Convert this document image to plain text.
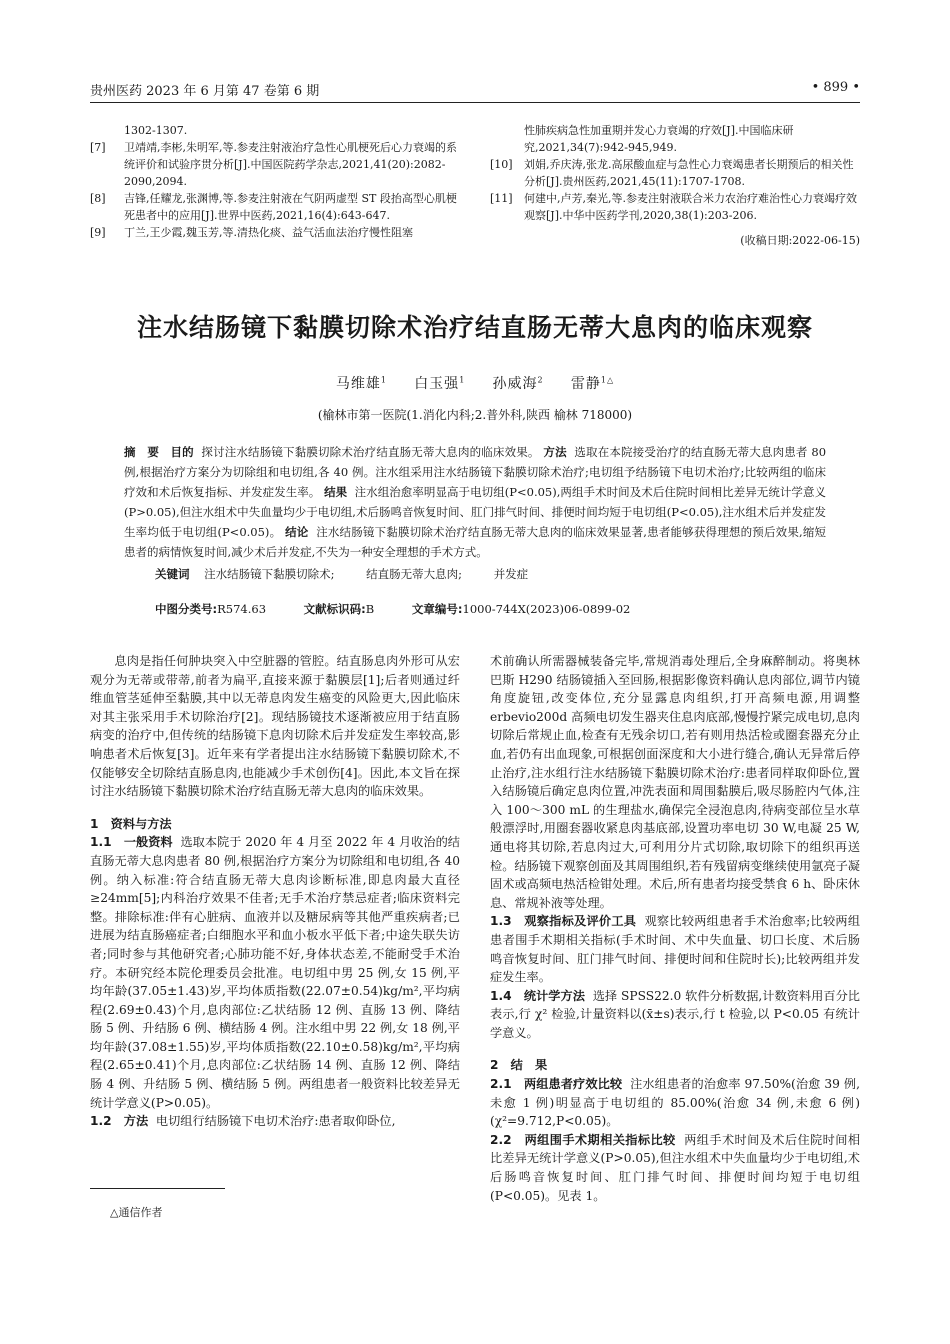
贵州医药 2023 年 6 月第 47 卷第 6 期	• 899 •
1302-1307.
[7]	卫靖靖,李彬,朱明军,等.参麦注射液治疗急性心肌梗死后心力衰竭的系统评价和试验序贯分析[J].中国医院药学杂志,2021,41(20):2082-2090,2094.
[8]	吉锋,任耀龙,张渊博,等.参麦注射液在气阴两虚型 ST 段抬高型心肌梗死患者中的应用[J].世界中医药,2021,16(4):643-647.
[9]	丁兰,王少霞,魏玉芳,等.清热化痰、益气活血法治疗慢性阻塞
性肺疾病急性加重期并发心力衰竭的疗效[J].中国临床研究,2021,34(7):942-945,949.
[10]	刘娟,乔庆涛,张龙.高尿酸血症与急性心力衰竭患者长期预后的相关性分析[J].贵州医药,2021,45(11):1707-1708.
[11]	何建中,卢芳,秦光,等.参麦注射液联合米力农治疗难治性心力衰竭疗效观察[J].中华中医药学刊,2020,38(1):203-206.
(收稿日期:2022-06-15)
注水结肠镜下黏膜切除术治疗结直肠无蒂大息肉的临床观察
马维雄$^1$ 白玉强$^1$ 孙威海$^2$ 雷静$^{1\triangle}$
(榆林市第一医院(1.消化内科;2.普外科,陕西 榆林 718000)
摘　要 目的 探讨注水结肠镜下黏膜切除术治疗结直肠无蒂大息肉的临床效果。 方法 选取在本院接受治疗的结直肠无蒂大息肉患者 80 例,根据治疗方案分为切除组和电切组,各 40 例。注水组采用注水结肠镜下黏膜切除术治疗;电切组予结肠镜下电切术治疗;比较两组的临床疗效和术后恢复指标、并发症发生率。 结果 注水组治愈率明显高于电切组(P<0.05),两组手术时间及术后住院时间相比差异无统计学意义(P>0.05),但注水组术中失血量均少于电切组,术后肠鸣音恢复时间、肛门排气时间、排便时间均短于电切组(P<0.05),注水组术后并发症发生率均低于电切组(P<0.05)。 结论 注水结肠镜下黏膜切除术治疗结直肠无蒂大息肉的临床效果显著,患者能够获得理想的预后效果,缩短患者的病情恢复时间,减少术后并发症,不失为一种安全理想的手术方式。
关键词 注水结肠镜下黏膜切除术;	结直肠无蒂大息肉;	并发症
中图分类号:R574.63	文献标识码:B	文章编号:1000-744X(2023)06-0899-02

息肉是指任何肿块突入中空脏器的管腔。结直肠息肉外形可从宏观分为无蒂或带蒂,前者为扁平,直接来源于黏膜层[1];后者则通过纤维血管茎延伸至黏膜,其中以无蒂息肉发生癌变的风险更大,因此临床对其主张采用手术切除治疗[2]。现结肠镜技术逐渐被应用于结直肠病变的治疗中,但传统的结肠镜下息肉切除术后并发症发生率较高,影响患者术后恢复[3]。近年来有学者提出注水结肠镜下黏膜切除术,不仅能够安全切除结直肠息肉,也能减少手术创伤[4]。因此,本文旨在探讨注水结肠镜下黏膜切除术治疗结直肠无蒂大息肉的临床效果。

1　资料与方法

1.1　一般资料 选取本院于 2020 年 4 月至 2022 年 4 月收治的结直肠无蒂大息肉患者 80 例,根据治疗方案分为切除组和电切组,各 40 例。纳入标准:符合结直肠无蒂大息肉诊断标准,即息肉最大直径≥24mm[5];内科治疗效果不佳者;无手术治疗禁忌症者;临床资料完整。排除标准:伴有心脏病、血液并以及糖尿病等其他严重疾病者;已进展为结直肠癌症者;白细胞水平和血小板水平低下者;中途失联失访者;同时参与其他研究者;心肺功能不好,身体状态差,不能耐受手术治疗。本研究经本院伦理委员会批准。电切组中男 25 例,女 15 例,平均年龄(37.05±1.43)岁,平均体质指数(22.07±0.54)kg/m²,平均病程(2.69±0.43)个月,息肉部位:乙状结肠 12 例、直肠 13 例、降结肠 5 例、升结肠 6 例、横结肠 4 例。注水组中男 22 例,女 18 例,平均年龄(37.08±1.55)岁,平均体质指数(22.10±0.58)kg/m²,平均病程(2.65±0.41)个月,息肉部位:乙状结肠 14 例、直肠 12 例、降结肠 4 例、升结肠 5 例、横结肠 5 例。两组患者一般资料比较差异无统计学意义(P>0.05)。

1.2　方法 电切组行结肠镜下电切术治疗:患者取仰卧位,

△通信作者

术前确认所需器械装备完毕,常规消毒处理后,全身麻醉制动。将奥林巴斯 H290 结肠镜插入至回肠,根据影像资料确认息肉部位,调节内镜角度旋钮,改变体位,充分显露息肉组织,打开高频电源,用调整 erbevio200d 高频电切发生器夹住息肉底部,慢慢拧紧完成电切,息肉切除后常规止血,检查有无残余切口,若有则用热活检或圈套器充分止血,若仍有出血现象,可根据创面深度和大小进行缝合,确认无异常后停止治疗,注水组行注水结肠镜下黏膜切除术治疗:患者同样取仰卧位,置入结肠镜后确定息肉位置,冲洗表面和周围黏膜后,吸尽肠腔内气体,注入 100～300 mL 的生理盐水,确保完全浸泡息肉,待病变部位呈水草般漂浮时,用圈套器收紧息肉基底部,设置功率电切 30 W,电凝 25 W,通电将其切除,若息肉过大,可利用分片式切除,取切除下的组织再送检。结肠镜下观察创面及其周围组织,若有残留病变继续使用氩亮子凝固术或高频电热活检钳处理。术后,所有患者均接受禁食 6 h、卧床休息、常规补液等处理。

1.3　观察指标及评价工具 观察比较两组患者手术治愈率;比较两组患者围手术期相关指标(手术时间、术中失血量、切口长度、术后肠鸣音恢复时间、肛门排气时间、排便时间和住院时长);比较两组并发症发生率。

1.4　统计学方法 选择 SPSS22.0 软件分析数据,计数资料用百分比表示,行 χ² 检验,计量资料以(x̄±s)表示,行 t 检验,以 P<0.05 有统计学意义。

2　结　果

2.1　两组患者疗效比较 注水组患者的治愈率 97.50%(治愈 39 例,未愈 1 例)明显高于电切组的 85.00%(治愈 34 例,未愈 6 例)(χ²=9.712,P<0.05)。

2.2　两组围手术期相关指标比较 两组手术时间及术后住院时间相比差异无统计学意义(P>0.05),但注水组术中失血量均少于电切组,术后肠鸣音恢复时间、肛门排气时间、排便时间均短于电切组(P<0.05)。见表 1。
